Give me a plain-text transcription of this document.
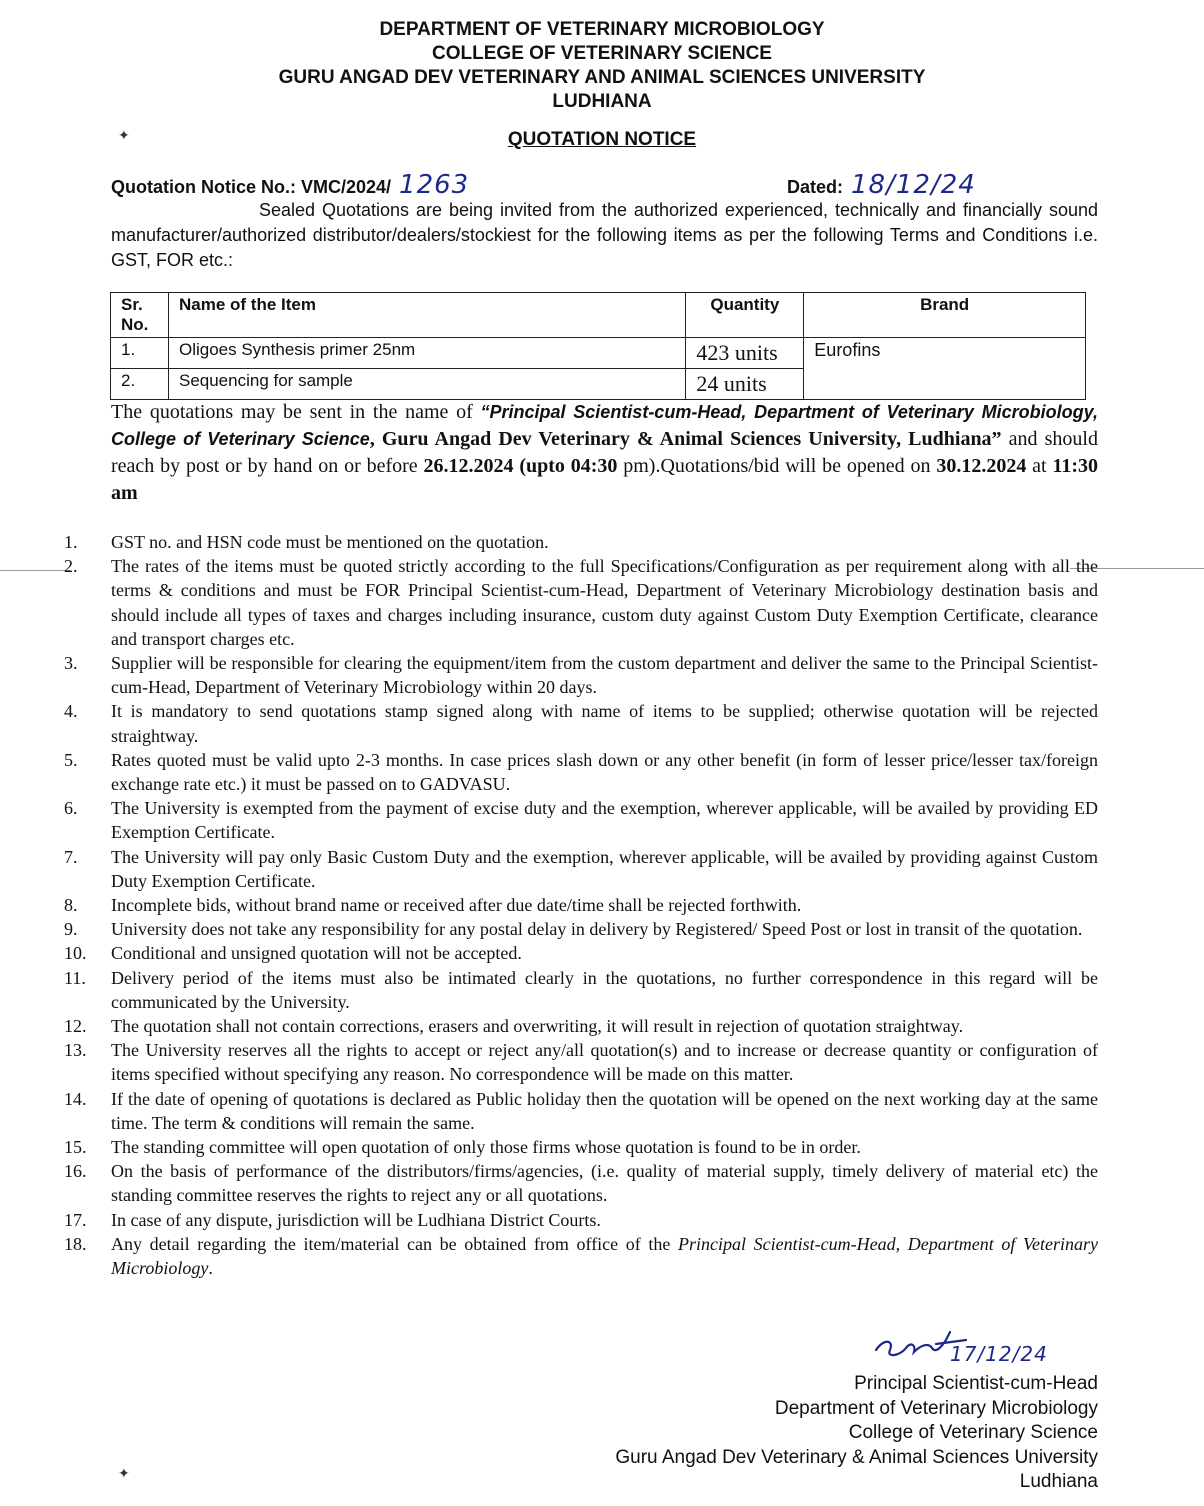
✦
✦
DEPARTMENT OF VETERINARY MICROBIOLOGY
COLLEGE OF VETERINARY SCIENCE
GURU ANGAD DEV VETERINARY AND ANIMAL SCIENCES UNIVERSITY
LUDHIANA
QUOTATION NOTICE
Quotation Notice No.: VMC/2024/ 1263	Dated: 18/12/24
Sealed Quotations are being invited from the authorized experienced, technically and financially sound manufacturer/authorized distributor/dealers/stockiest for the following items as per the following Terms and Conditions i.e. GST, FOR etc.:
Sr. No.	Name of the Item	Quantity	Brand
1.	Oligoes Synthesis primer 25nm	423 units	Eurofins
2.	Sequencing for sample	24 units	
The quotations may be sent in the name of “Principal Scientist-cum-Head, Department of Veterinary Microbiology, College of Veterinary Science, Guru Angad Dev Veterinary & Animal Sciences University, Ludhiana” and should reach by post or by hand on or before 26.12.2024 (upto 04:30 pm).Quotations/bid will be opened on 30.12.2024 at 11:30 am
1. GST no. and HSN code must be mentioned on the quotation.
2. The rates of the items must be quoted strictly according to the full Specifications/Configuration as per requirement along with all the terms & conditions and must be FOR Principal Scientist-cum-Head, Department of Veterinary Microbiology destination basis and should include all types of taxes and charges including insurance, custom duty against Custom Duty Exemption Certificate, clearance and transport charges etc.
3. Supplier will be responsible for clearing the equipment/item from the custom department and deliver the same to the Principal Scientist-cum-Head, Department of Veterinary Microbiology within 20 days.
4. It is mandatory to send quotations stamp signed along with name of items to be supplied; otherwise quotation will be rejected straightway.
5. Rates quoted must be valid upto 2-3 months. In case prices slash down or any other benefit (in form of lesser price/lesser tax/foreign exchange rate etc.) it must be passed on to GADVASU.
6. The University is exempted from the payment of excise duty and the exemption, wherever applicable, will be availed by providing ED Exemption Certificate.
7. The University will pay only Basic Custom Duty and the exemption, wherever applicable, will be availed by providing against Custom Duty Exemption Certificate.
8. Incomplete bids, without brand name or received after due date/time shall be rejected forthwith.
9. University does not take any responsibility for any postal delay in delivery by Registered/ Speed Post or lost in transit of the quotation.
10. Conditional and unsigned quotation will not be accepted.
11. Delivery period of the items must also be intimated clearly in the quotations, no further correspondence in this regard will be communicated by the University.
12. The quotation shall not contain corrections, erasers and overwriting, it will result in rejection of quotation straightway.
13. The University reserves all the rights to accept or reject any/all quotation(s) and to increase or decrease quantity or configuration of items specified without specifying any reason. No correspondence will be made on this matter.
14. If the date of opening of quotations is declared as Public holiday then the quotation will be opened on the next working day at the same time. The term & conditions will remain the same.
15. The standing committee will open quotation of only those firms whose quotation is found to be in order.
16. On the basis of performance of the distributors/firms/agencies, (i.e. quality of material supply, timely delivery of material etc) the standing committee reserves the rights to reject any or all quotations.
17. In case of any dispute, jurisdiction will be Ludhiana District Courts.
18. Any detail regarding the item/material can be obtained from office of the Principal Scientist-cum-Head, Department of Veterinary Microbiology.
17/12/24
Principal Scientist-cum-Head
Department of Veterinary Microbiology
College of Veterinary Science
Guru Angad Dev Veterinary & Animal Sciences University
Ludhiana
